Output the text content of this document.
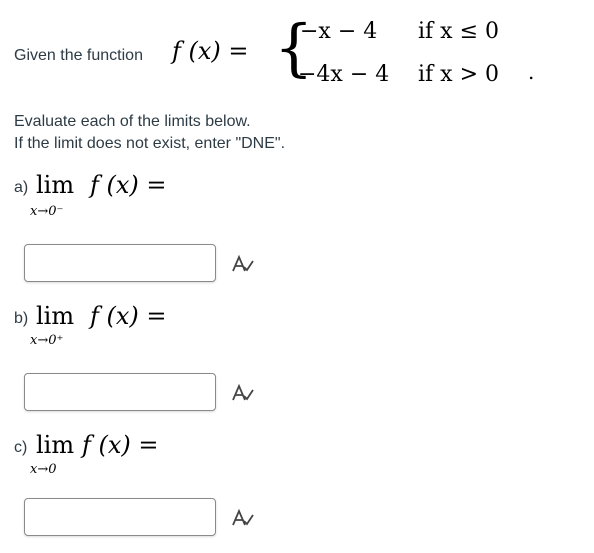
Given the function f (x) = {
−x − 4 if x ≤ 0
−4x − 4 if x > 0 .
Evaluate each of the limits below.
If the limit does not exist, enter "DNE".
a) lim f (x) =
x→0⁻
b) lim f (x) =
x→0⁺
c) lim f (x) =
x→0
